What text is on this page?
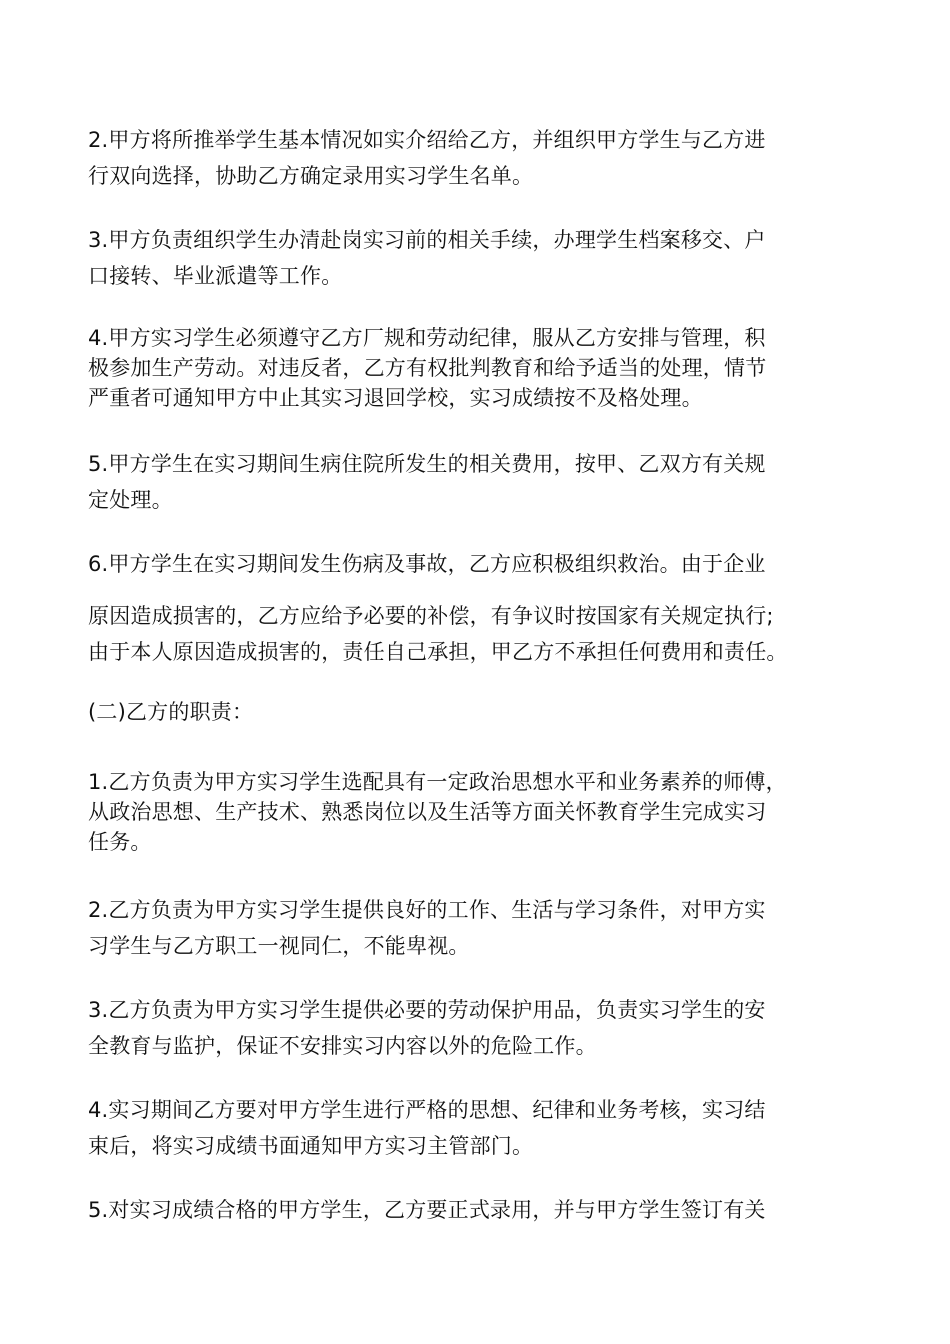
2.甲方将所推举学生基本情况如实介绍给乙方，并组织甲方学生与乙方进
行双向选择，协助乙方确定录用实习学生名单。

3.甲方负责组织学生办清赴岗实习前的相关手续，办理学生档案移交、户
口接转、毕业派遣等工作。

4.甲方实习学生必须遵守乙方厂规和劳动纪律，服从乙方安排与管理，积
极参加生产劳动。对违反者，乙方有权批判教育和给予适当的处理，情节
严重者可通知甲方中止其实习退回学校，实习成绩按不及格处理。

5.甲方学生在实习期间生病住院所发生的相关费用，按甲、乙双方有关规
定处理。

6.甲方学生在实习期间发生伤病及事故，乙方应积极组织救治。由于企业

原因造成损害的，乙方应给予必要的补偿，有争议时按国家有关规定执行;
由于本人原因造成损害的，责任自己承担，甲乙方不承担任何费用和责任。

(二)乙方的职责：

1.乙方负责为甲方实习学生选配具有一定政治思想水平和业务素养的师傅，
从政治思想、生产技术、熟悉岗位以及生活等方面关怀教育学生完成实习
任务。

2.乙方负责为甲方实习学生提供良好的工作、生活与学习条件，对甲方实
习学生与乙方职工一视同仁，不能卑视。

3.乙方负责为甲方实习学生提供必要的劳动保护用品，负责实习学生的安
全教育与监护，保证不安排实习内容以外的危险工作。

4.实习期间乙方要对甲方学生进行严格的思想、纪律和业务考核，实习结
束后，将实习成绩书面通知甲方实习主管部门。

5.对实习成绩合格的甲方学生，乙方要正式录用，并与甲方学生签订有关
